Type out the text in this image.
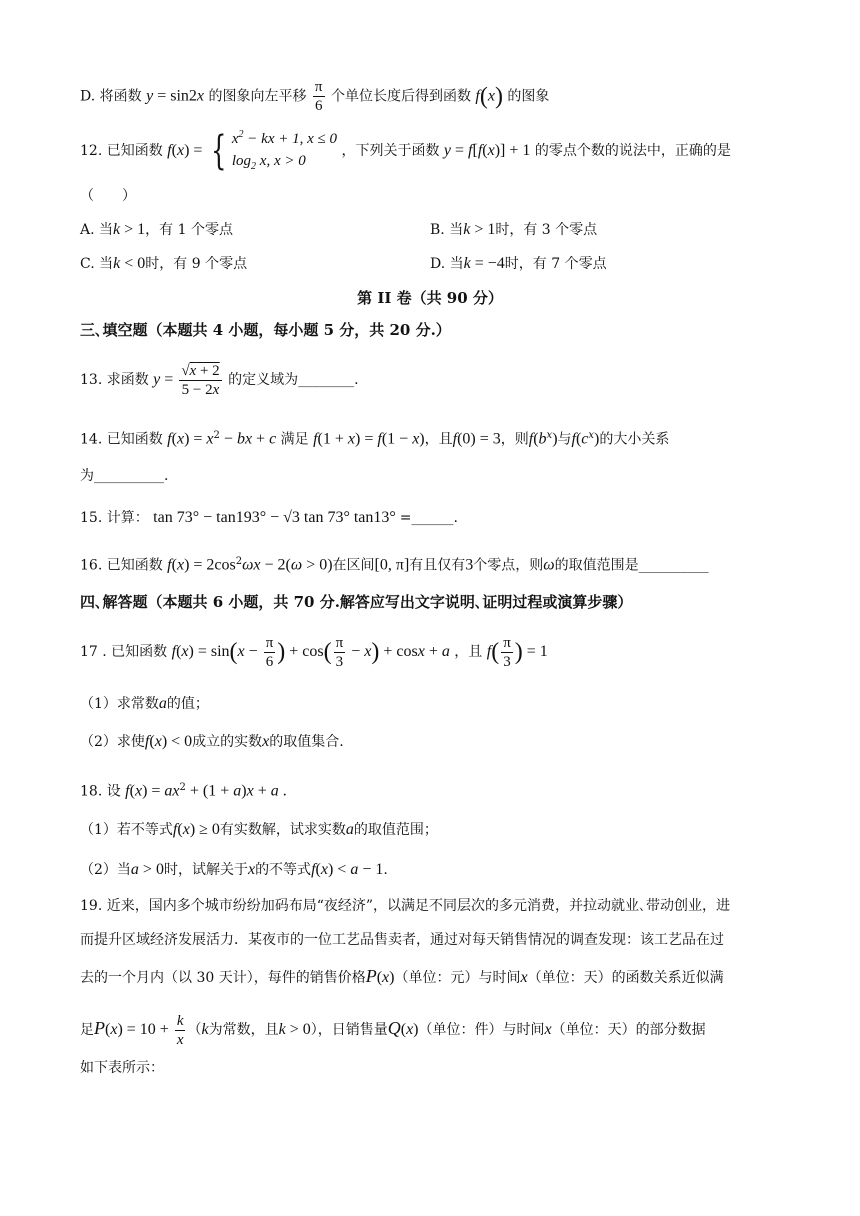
D. 将函数 y = sin2x 的图象向左平移 $\frac{\pi}{6}$ 个单位长度后得到函数 f(x) 的图象
12. 已知函数 f(x) = { $x^2$ − kx + 1, x ≤ 0
$\log_2 x$, x > 0 ，下列关于函数 y = f[f(x)] + 1 的零点个数的说法中，正确的是
（　　）
A. 当k > 1，有 1 个零点	B. 当k > 1时，有 3 个零点
C. 当k < 0时，有 9 个零点	D. 当k = −4时，有 7 个零点
第 II 卷（共 90 分）
三､填空题（本题共 4 小题，每小题 5 分，共 20 分.）
13. 求函数 $y = \frac{√x + 2}{5 - 2x}$ 的定义域为________.
14. 已知函数 $f(x) = x^2$ − bx + c 满足 f(1 + x) = f(1 − x)，且f(0) = 3，则$f(b^x)$与$f(c^x)$的大小关系
为__________.
15. 计算： tan 73° − tan193° − √3 tan 73° tan13° =______.
16. 已知函数 $f(x) = 2\cos^2\omega x - 2(\omega > 0)$在区间[0, π]有且仅有3个零点，则ω的取值范围是__________
四､解答题（本题共 6 小题，共 70 分.解答应写出文字说明､证明过程或演算步骤）
17 . 已知函数 $f(x) = \sin(x - \frac{\pi}{6}$ ) + $\cos( \frac{\pi}{3} - x) + \cos x + a$ ，且 $f( \frac{\pi}{3}$ ) = 1
（1）求常数a的值；
（2）求使f(x) < 0成立的实数x的取值集合.
18. 设 $f(x) = ax^2 + (1 + a)x + a$ .
（1）若不等式f(x) ≥ 0有实数解，试求实数a的取值范围；
（2）当a > 0时，试解关于x的不等式f(x) < a − 1.
19. 近来，国内多个城市纷纷加码布局“夜经济”，以满足不同层次的多元消费，并拉动就业､带动创业，进
而提升区域经济发展活力．某夜市的一位工艺品售卖者，通过对每天销售情况的调查发现：该工艺品在过
去的一个月内（以 30 天计），每件的销售价格P(x)（单位：元）与时间x（单位：天）的函数关系近似满
足$P(x) = 10 + \frac{k}{x} (k$为常数，且k > 0），日销售量Q(x)（单位：件）与时间x（单位：天）的部分数据
如下表所示：
